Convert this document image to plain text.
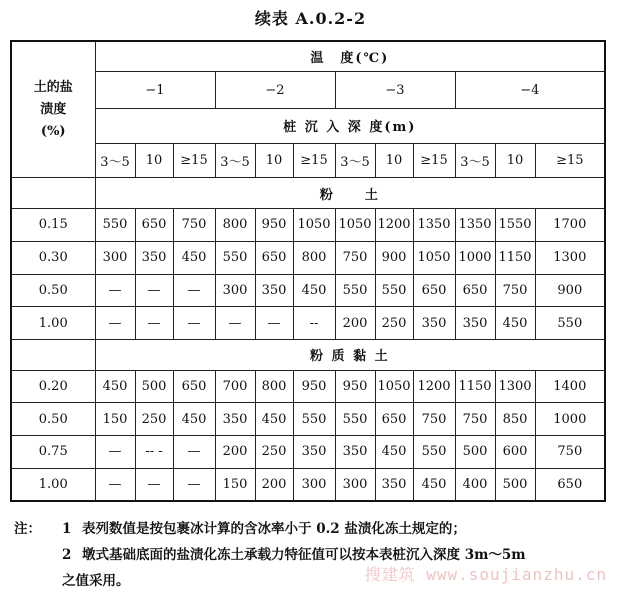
续表 A.0.2-2
土的盐
渍度
(%)	温　度(℃)											
	−1			−2			−3			−4		
	桩 沉 入 深 度(m)											
	3～5	10	≥15	3～5	10	≥15	3～5	10	≥15	3～5	10	≥15
	粉　　土											
0.15	550	650	750	800	950	1050	1050	1200	1350	1350	1550	1700
0.30	300	350	450	550	650	800	750	900	1050	1000	1150	1300
0.50	—	—	—	300	350	450	550	550	650	650	750	900
1.00	—	—	—	—	—	--	200	250	350	350	450	550
	粉 质 黏 土											
0.20	450	500	650	700	800	950	950	1050	1200	1150	1300	1400
0.50	150	250	450	350	450	550	550	650	750	750	850	1000
0.75	—	-- -	—	200	250	350	350	450	550	500	600	750
1.00	—	—	—	150	200	300	300	350	450	400	500	650
注：	1 表列数值是按包裹冰计算的含冰率小于 0.2 盐渍化冻土规定的；
2 墩式基础底面的盐渍化冻土承载力特征值可以按本表桩沉入深度 3m～5m
之值采用。	搜建筑 www.soujianzhu.cn
